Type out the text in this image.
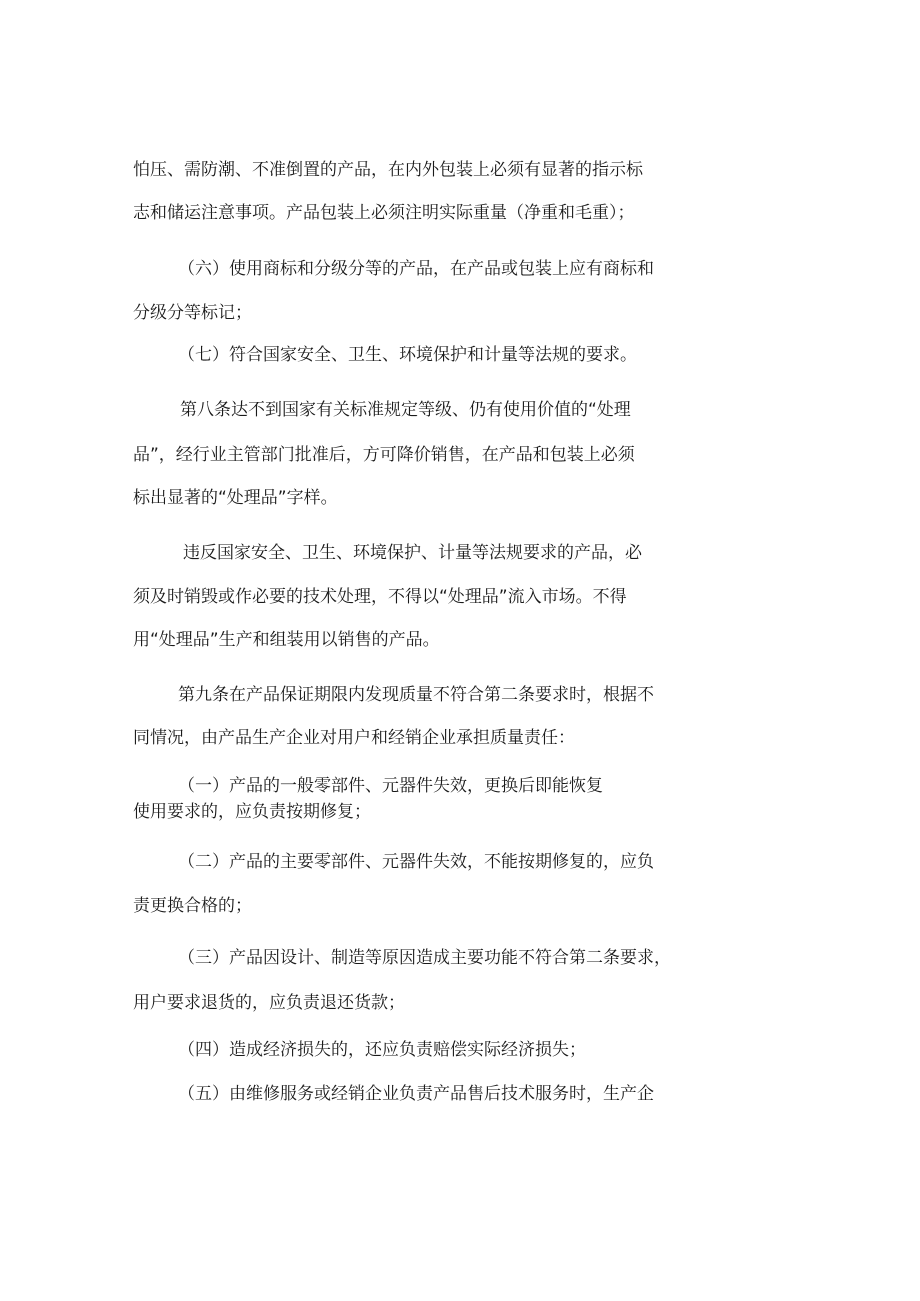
怕压、需防潮、不准倒置的产品，在内外包装上必须有显著的指示标
志和储运注意事项。产品包装上必须注明实际重量（净重和毛重）；
（六）使用商标和分级分等的产品，在产品或包装上应有商标和
分级分等标记；
（七）符合国家安全、卫生、环境保护和计量等法规的要求。
第八条达不到国家有关标准规定等级、仍有使用价值的“处理
品”，经行业主管部门批准后，方可降价销售，在产品和包装上必须
标出显著的“处理品”字样。
违反国家安全、卫生、环境保护、计量等法规要求的产品，必
须及时销毁或作必要的技术处理，不得以“处理品”流入市场。不得
用“处理品”生产和组装用以销售的产品。
第九条在产品保证期限内发现质量不符合第二条要求时，根据不
同情况，由产品生产企业对用户和经销企业承担质量责任：
（一）产品的一般零部件、元器件失效，更换后即能恢复
使用要求的，应负责按期修复；
（二）产品的主要零部件、元器件失效，不能按期修复的，应负
责更换合格的；
（三）产品因设计、制造等原因造成主要功能不符合第二条要求，
用户要求退货的，应负责退还货款；
（四）造成经济损失的，还应负责赔偿实际经济损失；
（五）由维修服务或经销企业负责产品售后技术服务时，生产企
